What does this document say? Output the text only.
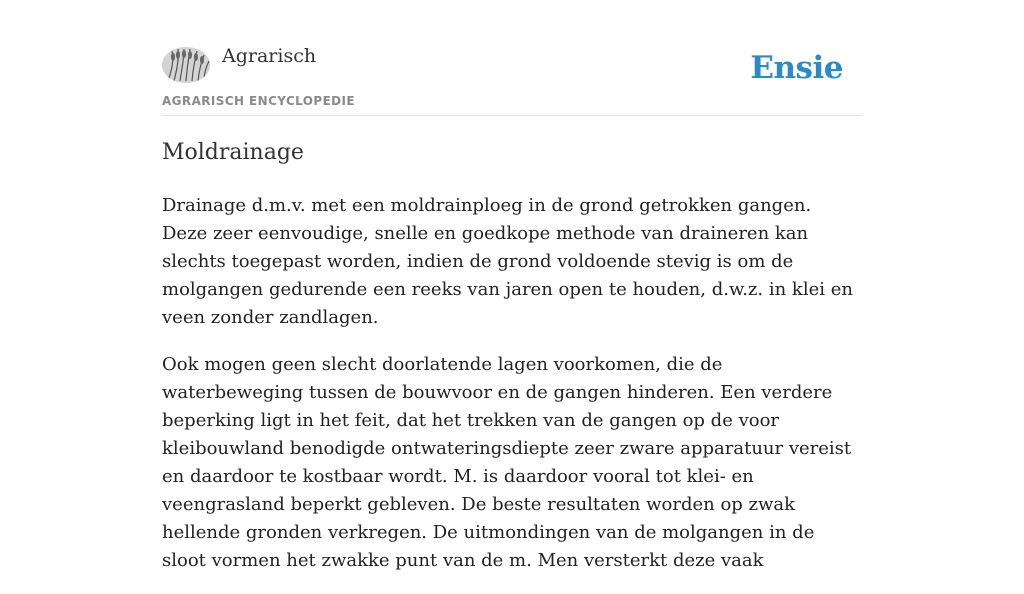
Agrarisch
AGRARISCH ENCYCLOPEDIE
Ensie
Moldrainage

Drainage d.m.v. met een moldrainploeg in de grond getrokken gangen. Deze zeer eenvoudige, snelle en goedkope methode van draineren kan slechts toegepast worden, indien de grond voldoende stevig is om de molgangen gedurende een reeks van jaren open te houden, d.w.z. in klei en veen zonder zandlagen.

Ook mogen geen slecht doorlatende lagen voorkomen, die de waterbeweging tussen de bouwvoor en de gangen hinderen. Een verdere beperking ligt in het feit, dat het trekken van de gangen op de voor kleibouwland benodigde ontwateringsdiepte zeer zware apparatuur vereist en daardoor te kostbaar wordt. M. is daardoor vooral tot klei- en veengrasland beperkt gebleven. De beste resultaten worden op zwak hellende gronden verkregen. De uitmondingen van de molgangen in de sloot vormen het zwakke punt van de m. Men versterkt deze vaak
